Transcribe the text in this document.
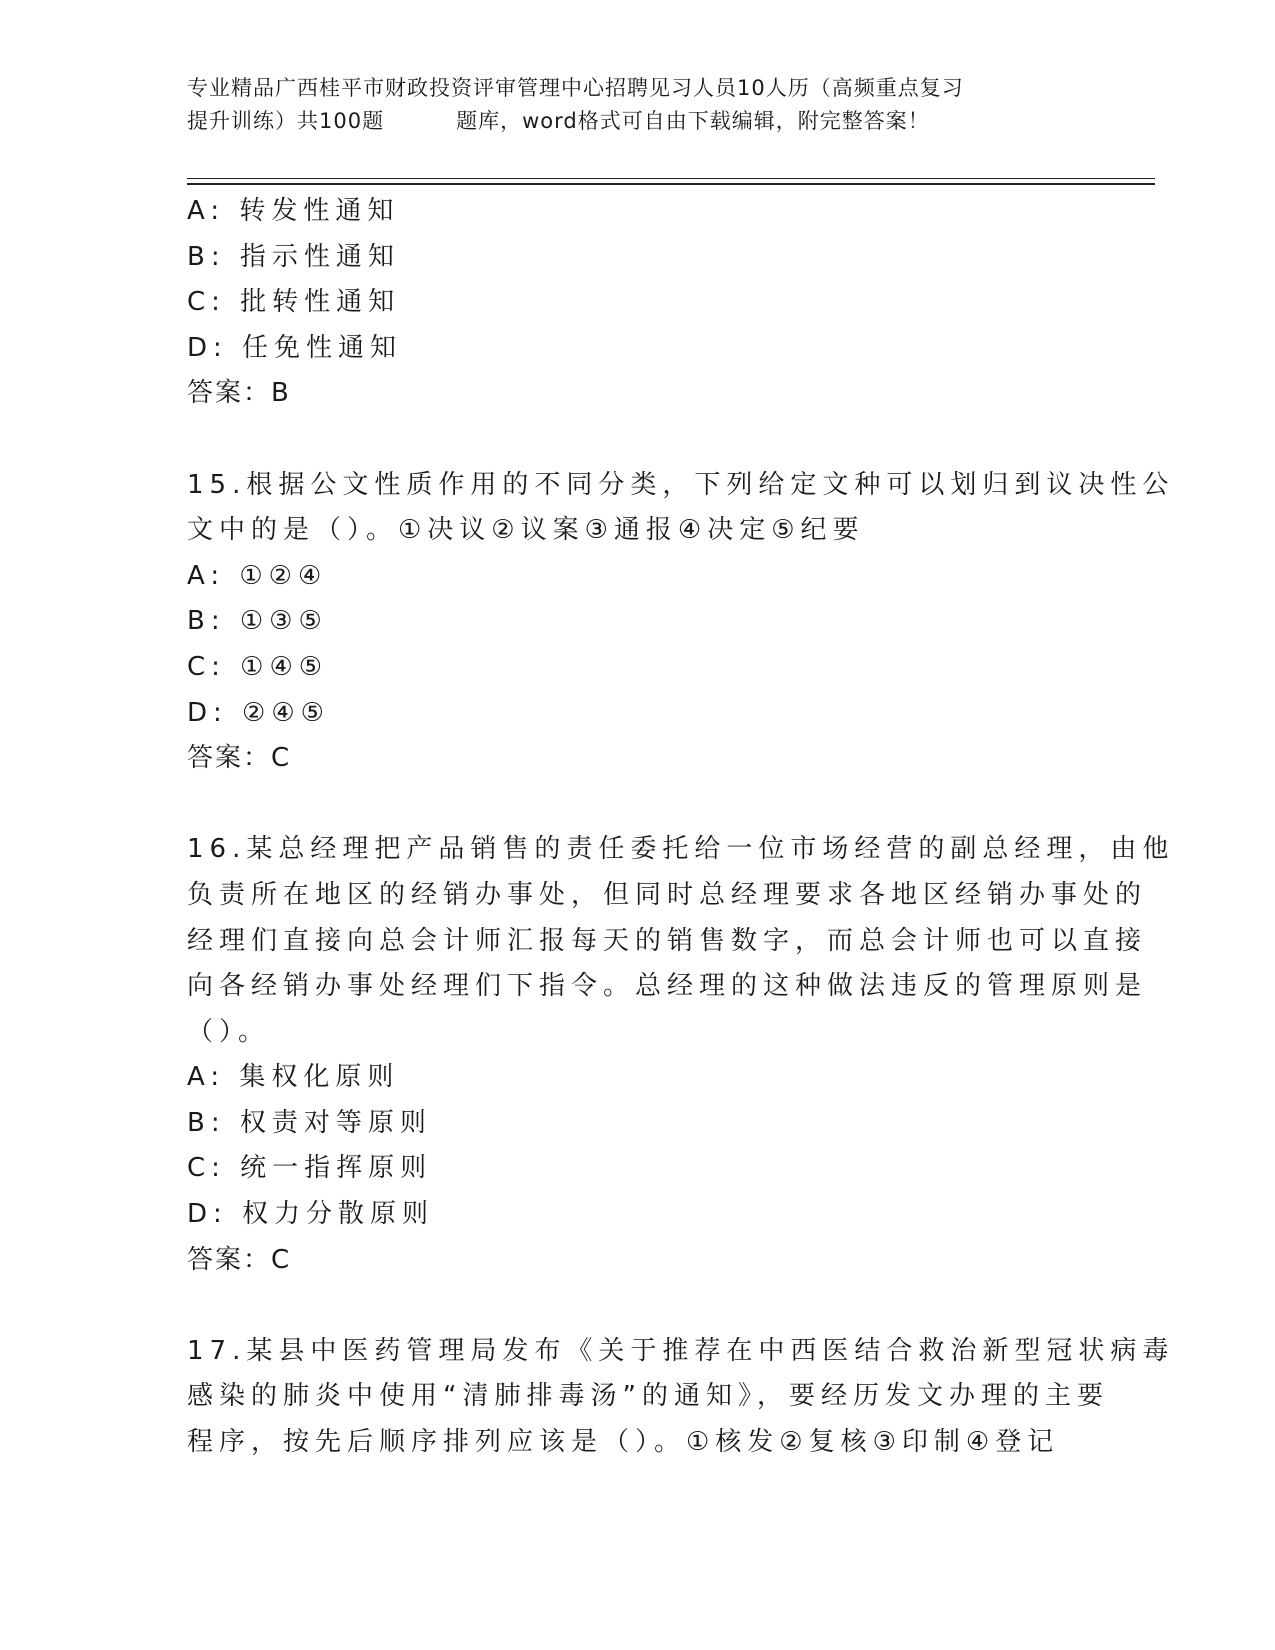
专业精品广西桂平市财政投资评审管理中心招聘见习人员10人历（高频重点复习
提升训练）共100题	题库，word格式可自由下载编辑，附完整答案！
A: 转发性通知
B: 指示性通知
C: 批转性通知
D: 任免性通知
答案：B
15.根据公文性质作用的不同分类，下列给定文种可以划归到议决性公
文中的是（）。①决议②议案③通报④决定⑤纪要
A: ①②④
B: ①③⑤
C: ①④⑤
D: ②④⑤
答案：C
16.某总经理把产品销售的责任委托给一位市场经营的副总经理，由他
负责所在地区的经销办事处，但同时总经理要求各地区经销办事处的
经理们直接向总会计师汇报每天的销售数字，而总会计师也可以直接
向各经销办事处经理们下指令。总经理的这种做法违反的管理原则是
（）。
A: 集权化原则
B: 权责对等原则
C: 统一指挥原则
D: 权力分散原则
答案：C
17.某县中医药管理局发布《关于推荐在中西医结合救治新型冠状病毒
感染的肺炎中使用“清肺排毒汤”的通知》，要经历发文办理的主要
程序，按先后顺序排列应该是（）。①核发②复核③印制④登记
